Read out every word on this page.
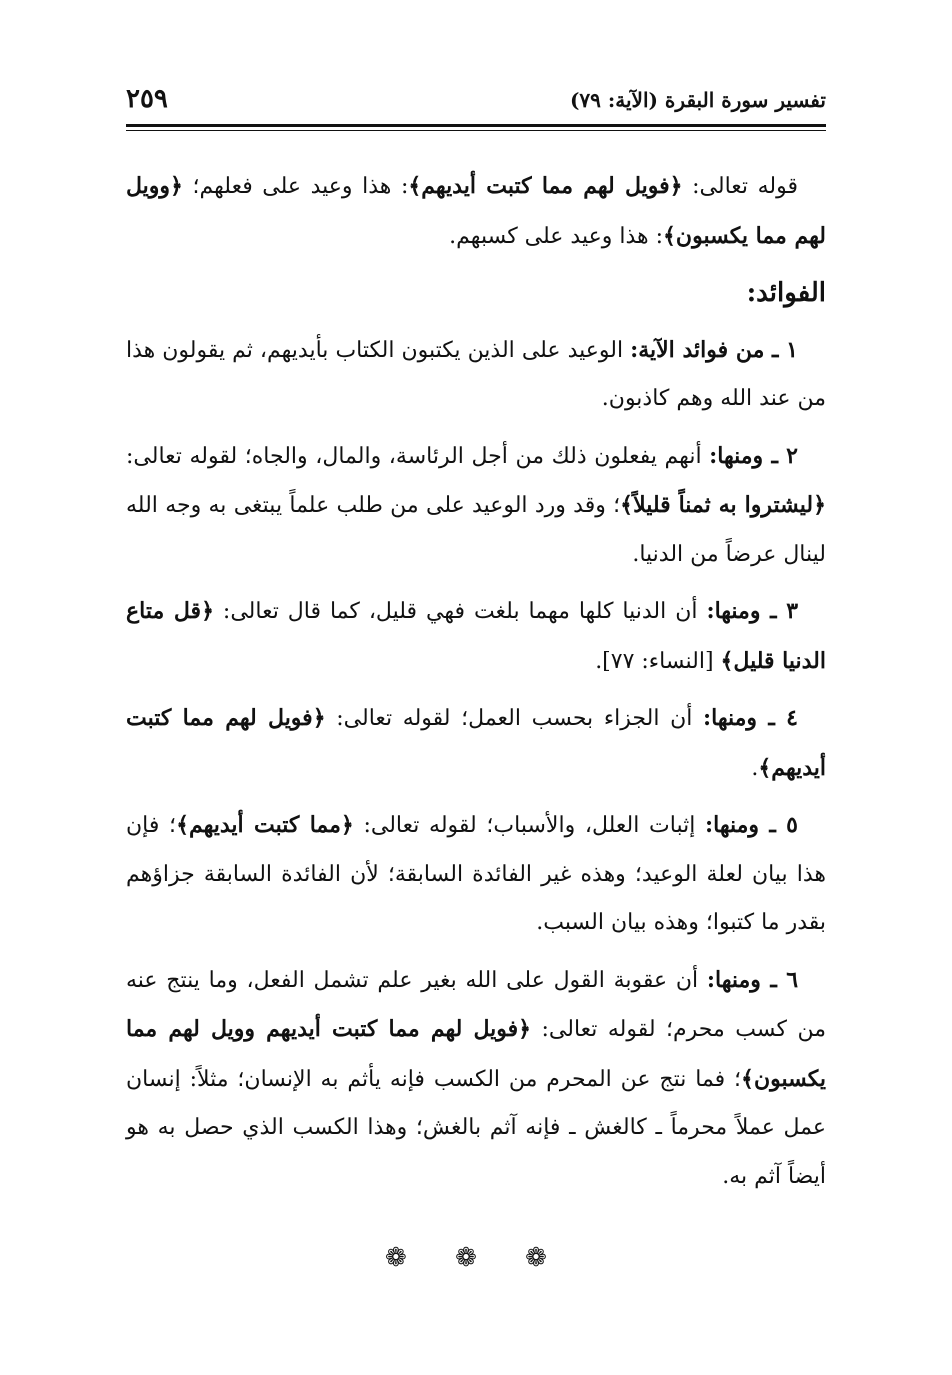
تفسير سورة البقرة (الآية: ٧٩)
٢٥٩

قوله تعالى: ﴿فويل لهم مما كتبت أيديهم﴾: هذا وعيد على فعلهم؛ ﴿وويل لهم مما يكسبون﴾: هذا وعيد على كسبهم.

الفوائد:

١ ـ من فوائد الآية: الوعيد على الذين يكتبون الكتاب بأيديهم، ثم يقولون هذا من عند الله وهم كاذبون.

٢ ـ ومنها: أنهم يفعلون ذلك من أجل الرئاسة، والمال، والجاه؛ لقوله تعالى: ﴿ليشتروا به ثمناً قليلاً﴾؛ وقد ورد الوعيد على من طلب علماً يبتغى به وجه الله لينال عرضاً من الدنيا.

٣ ـ ومنها: أن الدنيا كلها مهما بلغت فهي قليل، كما قال تعالى: ﴿قل متاع الدنيا قليل﴾ [النساء: ٧٧].

٤ ـ ومنها: أن الجزاء بحسب العمل؛ لقوله تعالى: ﴿فويل لهم مما كتبت أيديهم﴾.

٥ ـ ومنها: إثبات العلل، والأسباب؛ لقوله تعالى: ﴿مما كتبت أيديهم﴾؛ فإن هذا بيان لعلة الوعيد؛ وهذه غير الفائدة السابقة؛ لأن الفائدة السابقة جزاؤهم بقدر ما كتبوا؛ وهذه بيان السبب.

٦ ـ ومنها: أن عقوبة القول على الله بغير علم تشمل الفعل، وما ينتج عنه من كسب محرم؛ لقوله تعالى: ﴿فويل لهم مما كتبت أيديهم وويل لهم مما يكسبون﴾؛ فما نتج عن المحرم من الكسب فإنه يأثم به الإنسان؛ مثلاً: إنسان عمل عملاً محرماً ـ كالغش ـ فإنه آثم بالغش؛ وهذا الكسب الذي حصل به هو أيضاً آثم به.

❁ ❁ ❁
